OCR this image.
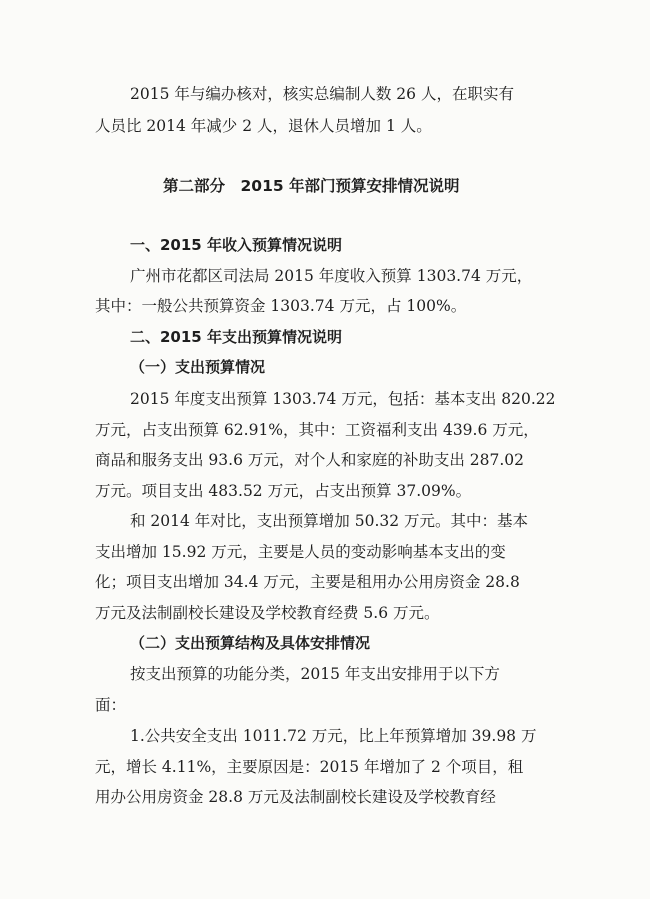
2015 年与编办核对，核实总编制人数 26 人，在职实有
人员比 2014 年减少 2 人，退休人员增加 1 人。
第二部分　2015 年部门预算安排情况说明
一、2015 年收入预算情况说明
广州市花都区司法局 2015 年度收入预算 1303.74 万元，
其中：一般公共预算资金 1303.74 万元，占 100%。
二、2015 年支出预算情况说明
（一）支出预算情况
2015 年度支出预算 1303.74 万元，包括：基本支出 820.22
万元，占支出预算 62.91%，其中：工资福利支出 439.6 万元，
商品和服务支出 93.6 万元，对个人和家庭的补助支出 287.02
万元。项目支出 483.52 万元，占支出预算 37.09%。
和 2014 年对比，支出预算增加 50.32 万元。其中：基本
支出增加 15.92 万元，主要是人员的变动影响基本支出的变
化；项目支出增加 34.4 万元，主要是租用办公用房资金 28.8
万元及法制副校长建设及学校教育经费 5.6 万元。
（二）支出预算结构及具体安排情况
按支出预算的功能分类，2015 年支出安排用于以下方
面：
1.公共安全支出 1011.72 万元，比上年预算增加 39.98 万
元，增长 4.11%，主要原因是：2015 年增加了 2 个项目，租
用办公用房资金 28.8 万元及法制副校长建设及学校教育经
